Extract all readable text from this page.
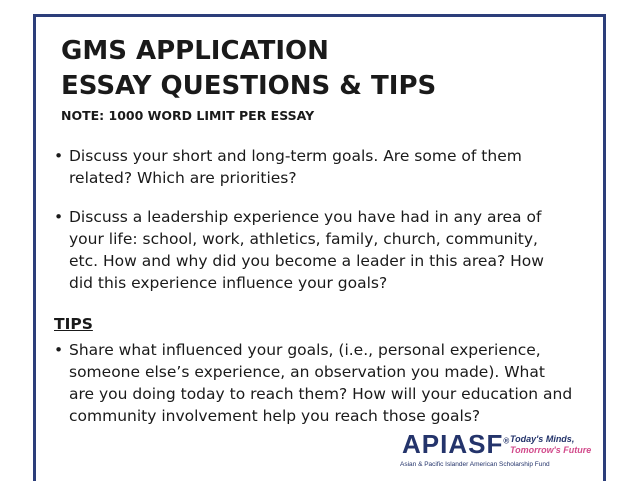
GMS APPLICATION
ESSAY QUESTIONS & TIPS
NOTE: 1000 WORD LIMIT PER ESSAY
• Discuss your short and long-term goals. Are some of them
related? Which are priorities?
• Discuss a leadership experience you have had in any area of
your life: school, work, athletics, family, church, community,
etc. How and why did you become a leader in this area? How
did this experience influence your goals?
TIPS
• Share what influenced your goals, (i.e., personal experience,
someone else’s experience, an observation you made). What
are you doing today to reach them? How will your education and
community involvement help you reach those goals?
APIASF® Today's Minds,
Tomorrow's Future
Asian & Pacific Islander American Scholarship Fund
